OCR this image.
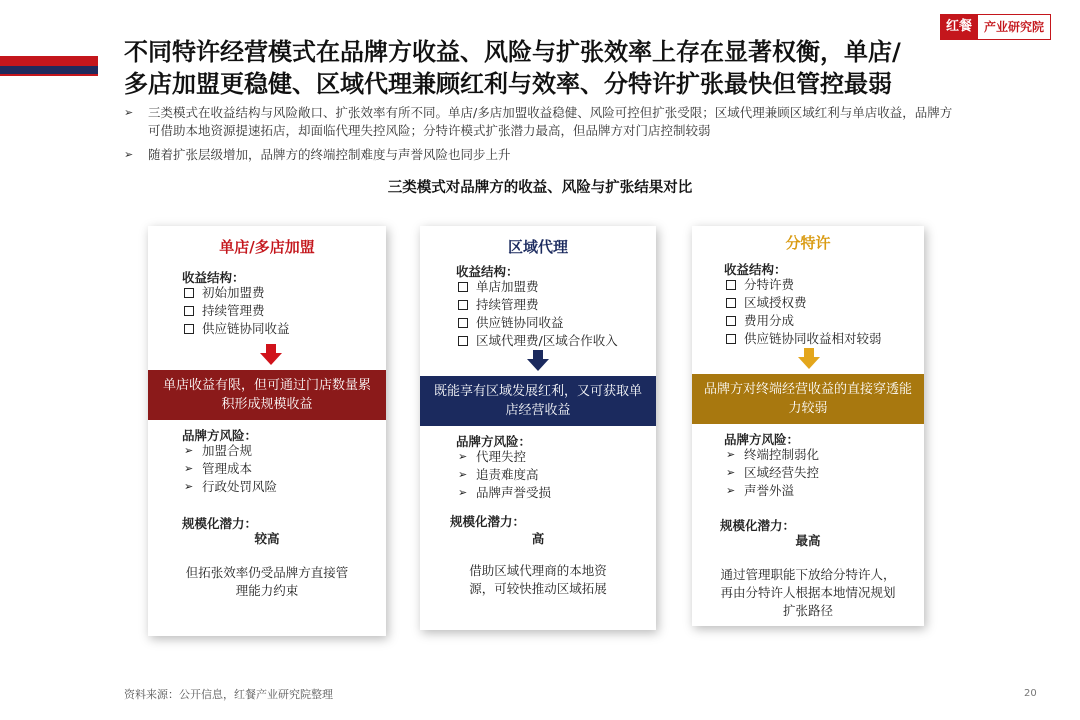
红餐	产业研究院
不同特许经营模式在品牌方收益、风险与扩张效率上存在显著权衡，单店/
多店加盟更稳健、区域代理兼顾红利与效率、分特许扩张最快但管控最弱
➢ 三类模式在收益结构与风险敞口、扩张效率有所不同。单店/多店加盟收益稳健、风险可控但扩张受限；区域代理兼顾区域红利与单店收益，品牌方可借助本地资源提速拓店，却面临代理失控风险；分特许模式扩张潜力最高，但品牌方对门店控制较弱
➢ 随着扩张层级增加，品牌方的终端控制难度与声誉风险也同步上升
三类模式对品牌方的收益、风险与扩张结果对比
单店/多店加盟
收益结构：
初始加盟费
持续管理费
供应链协同收益
单店收益有限，但可通过门店数量累积形成规模收益
品牌方风险：
➢ 加盟合规
➢ 管理成本
➢ 行政处罚风险
规模化潜力：
较高
但拓张效率仍受品牌方直接管理能力约束
区域代理
收益结构：
单店加盟费
持续管理费
供应链协同收益
区域代理费/区域合作收入
既能享有区域发展红利，又可获取单店经营收益
品牌方风险：
➢ 代理失控
➢ 追责难度高
➢ 品牌声誉受损
规模化潜力：
高
借助区域代理商的本地资源，可较快推动区域拓展
分特许
收益结构：
分特许费
区域授权费
费用分成
供应链协同收益相对较弱
品牌方对终端经营收益的直接穿透能力较弱
品牌方风险：
➢ 终端控制弱化
➢ 区域经营失控
➢ 声誉外溢
规模化潜力：
最高
通过管理职能下放给分特许人，再由分特许人根据本地情况规划扩张路径
资料来源：公开信息，红餐产业研究院整理	20
